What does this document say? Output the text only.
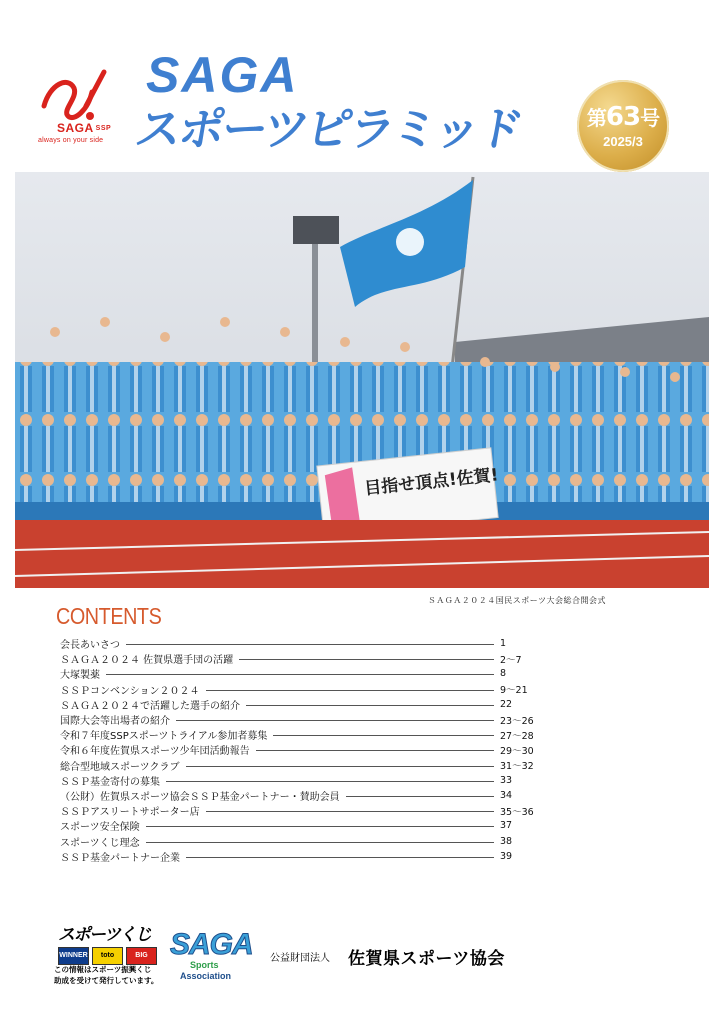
SAGA SSP
always on your side
SAGA
スポーツピラミッド	第63号
2025/3
目指せ頂点!佐賀!
ＳＡＧＡ２０２４国民スポーツ大会総合開会式
CONTENTS
会長あいさつ	1
ＳＡＧＡ２０２４ 佐賀県選手団の活躍	2～7
大塚製薬	8
ＳＳＰコンベンション２０２４	9～21
ＳＡＧＡ２０２４で活躍した選手の紹介	22
国際大会等出場者の紹介	23～26
令和７年度SSPスポーツトライアル参加者募集	27～28
令和６年度佐賀県スポーツ少年団活動報告	29～30
総合型地域スポーツクラブ	31～32
ＳＳＰ基金寄付の募集	33
（公財）佐賀県スポーツ協会ＳＳＰ基金パートナー・賛助会員	34
ＳＳＰアスリートサポーター店	35～36
スポーツ安全保険	37
スポーツくじ理念	38
ＳＳＰ基金パートナー企業	39
スポーツくじ
WINNER	toto	BIG
この情報はスポーツ振興くじ
助成を受けて発行しています。
SAGA
Sports
Association
公益財団法人 佐賀県スポーツ協会
